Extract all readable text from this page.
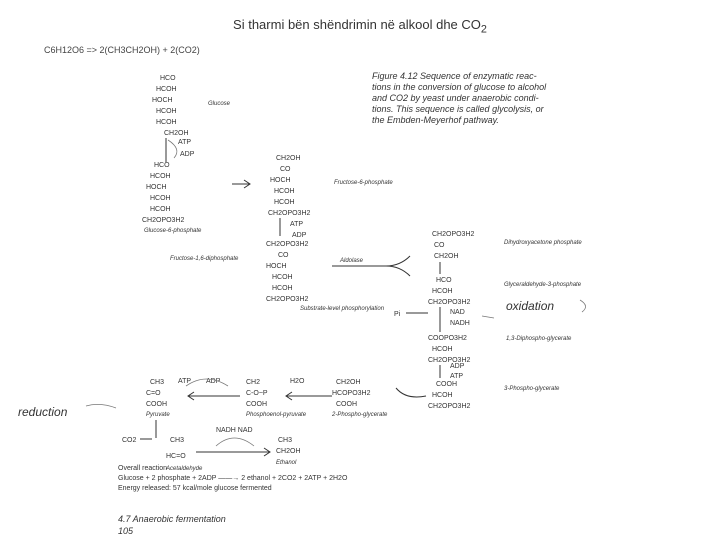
Si tharmi bën shëndrimin në alkool dhe $CO_2$
C6H12O6 => 2(CH3CH2OH) + 2(CO2)
Figure 4.12 Sequence of enzymatic reac-
tions in the conversion of glucose to alcohol
and CO2 by yeast under anaerobic condi-
tions. This sequence is called glycolysis, or
the Embden-Meyerhof pathway.
HCO
HCOH
HOCH
HCOH
HCOH
CH2OH
Glucose
ATP
ADP
HCO
HCOH
HOCH
HCOH
HCOH
CH2OPO3H2
Glucose-6-phosphate
CH2OH
CO
HOCH
HCOH
HCOH
CH2OPO3H2
Fructose-6-phosphate
ATP
ADP
CH2OPO3H2
CO
HOCH
HCOH
HCOH
CH2OPO3H2
Fructose-1,6-diphosphate	Aldolase
CH2OPO3H2
CO
CH2OH
Dihydroxyacetone phosphate
HCO
HCOH
CH2OPO3H2
Glyceraldehyde-3-phosphate
Substrate-level phosphorylation
Pi	NAD
NADH
oxidation
COOPO3H2
HCOH
CH2OPO3H2
1,3-Diphospho-glycerate
ADP
ATP
COOH
HCOH
CH2OPO3H2
3-Phospho-glycerate
CH3
C=O
COOH
Pyruvate
ATP ADP	CH2
C-O~P
COOH
Phosphoenol-pyruvate
H2O	CH2OH
HCOPO3H2
COOH
2-Phospho-glycerate
reduction
CO2	CH3
HC=O
Acetaldehyde
NADH NAD
CH3
CH2OH
Ethanol
Overall reaction
Glucose + 2 phosphate + 2ADP ——→ 2 ethanol + 2CO2 + 2ATP + 2H2O
Energy released: 57 kcal/mole glucose fermented
4.7 Anaerobic fermentation
105
